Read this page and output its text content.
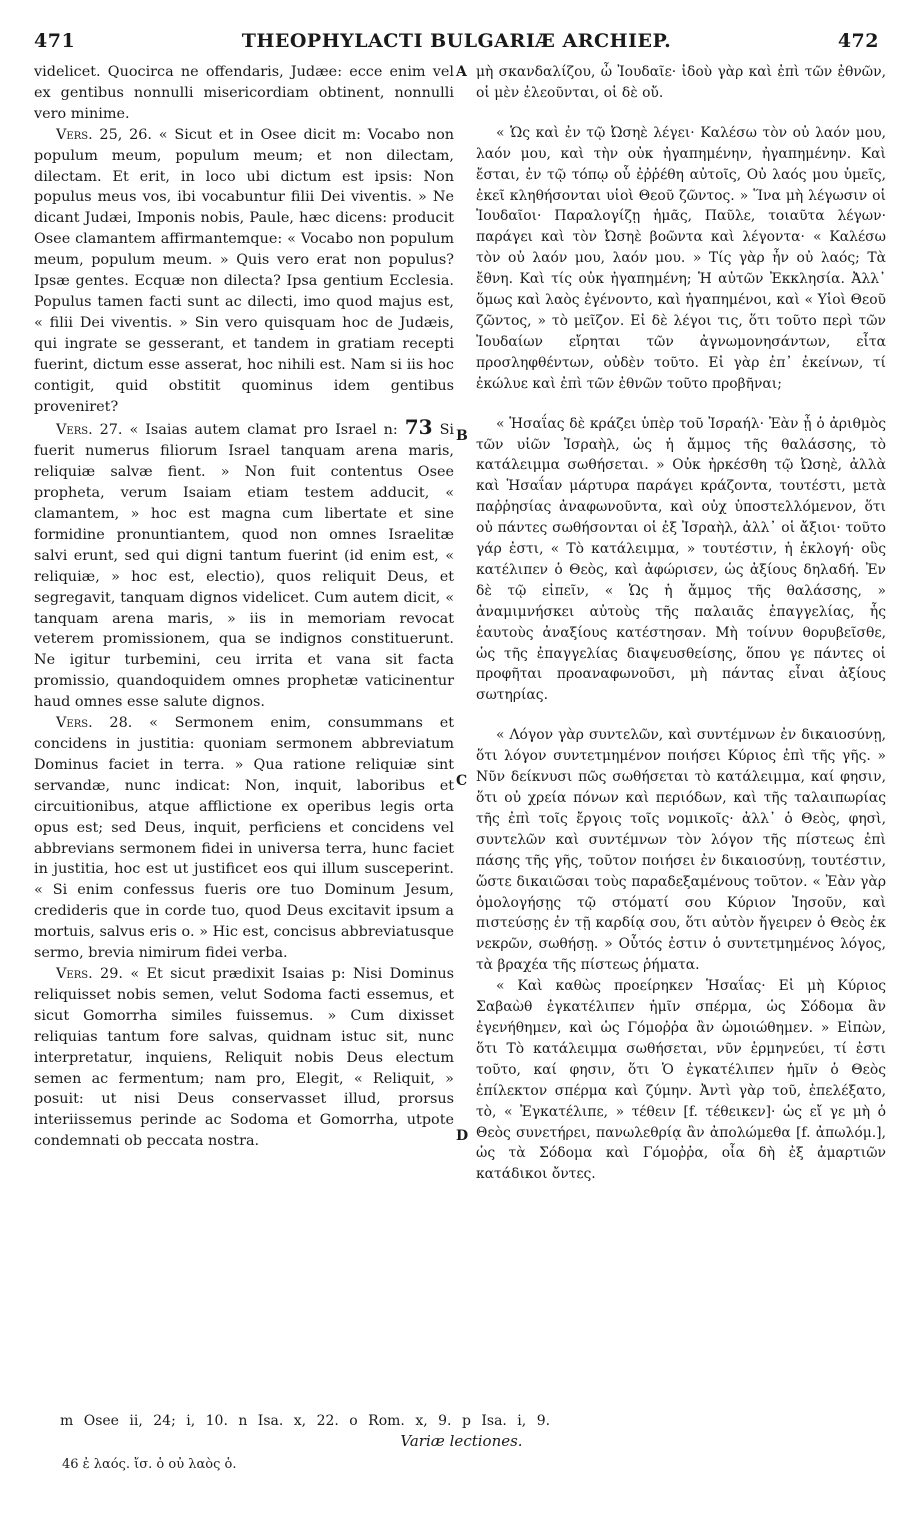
471	THEOPHYLACTI BULGARIÆ ARCHIEP.	472

videlicet. Quocirca ne offendaris, Judæe: ecce enim vel ex gentibus nonnulli misericordiam obtinent, nonnulli vero minime.

Vers. 25, 26. « Sicut et in Osee dicit m: Vocabo non populum meum, populum meum; et non dilectam, dilectam. Et erit, in loco ubi dictum est ipsis: Non populus meus vos, ibi vocabuntur filii Dei viventis. » Ne dicant Judæi, Imponis nobis, Paule, hæc dicens: producit Osee clamantem affirmantemque: « Vocabo non populum meum, populum meum. » Quis vero erat non populus? Ipsæ gentes. Ecquæ non dilecta? Ipsa gentium Ecclesia. Populus tamen facti sunt ac dilecti, imo quod majus est, « filii Dei viventis. » Sin vero quisquam hoc de Judæis, qui ingrate se gesserant, et tandem in gratiam recepti fuerint, dictum esse asserat, hoc nihili est. Nam si iis hoc contigit, quid obstitit quominus idem gentibus proveniret?

Vers. 27. « Isaias autem clamat pro Israel n: 73 Si fuerit numerus filiorum Israel tanquam arena maris, reliquiæ salvæ fient. » Non fuit contentus Osee propheta, verum Isaiam etiam testem adducit, « clamantem, » hoc est magna cum libertate et sine formidine pronuntiantem, quod non omnes Israelitæ salvi erunt, sed qui digni tantum fuerint (id enim est, « reliquiæ, » hoc est, electio), quos reliquit Deus, et segregavit, tanquam dignos videlicet. Cum autem dicit, « tanquam arena maris, » iis in memoriam revocat veterem promissionem, qua se indignos constituerunt. Ne igitur turbemini, ceu irrita et vana sit facta promissio, quandoquidem omnes prophetæ vaticinentur haud omnes esse salute dignos.

Vers. 28. « Sermonem enim, consummans et concidens in justitia: quoniam sermonem abbreviatum Dominus faciet in terra. » Qua ratione reliquiæ sint servandæ, nunc indicat: Non, inquit, laboribus et circuitionibus, atque afflictione ex operibus legis orta opus est; sed Deus, inquit, perficiens et concidens vel abbrevians sermonem fidei in universa terra, hunc faciet in justitia, hoc est ut justificet eos qui illum susceperint. « Si enim confessus fueris ore tuo Dominum Jesum, credideris que in corde tuo, quod Deus excitavit ipsum a mortuis, salvus eris o. » Hic est, concisus abbreviatusque sermo, brevia nimirum fidei verba.

Vers. 29. « Et sicut prædixit Isaias p: Nisi Dominus reliquisset nobis semen, velut Sodoma facti essemus, et sicut Gomorrha similes fuissemus. » Cum dixisset reliquias tantum fore salvas, quidnam istuc sit, nunc interpretatur, inquiens, Reliquit nobis Deus electum semen ac fermentum; nam pro, Elegit, « Reliquit, » posuit: ut nisi Deus conservasset illud, prorsus interiissemus perinde ac Sodoma et Gomorrha, utpote condemnati ob peccata nostra.

A
B
C
D

μὴ σκανδαλίζου, ὦ Ἰουδαῖε· ἰδοὺ γὰρ καὶ ἐπὶ τῶν ἐθνῶν, οἱ μὲν ἐλεοῦνται, οἱ δὲ οὔ.

« Ὡς καὶ ἐν τῷ Ὠσηὲ λέγει· Καλέσω τὸν οὐ λαόν μου, λαόν μου, καὶ τὴν οὐκ ἠγαπημένην, ἠγαπημένην. Καὶ ἔσται, ἐν τῷ τόπῳ οὗ ἐῤῥέθη αὐτοῖς, Οὐ λαός μου ὑμεῖς, ἐκεῖ κληθήσονται υἱοὶ Θεοῦ ζῶντος. » Ἵνα μὴ λέγωσιν οἱ Ἰουδαῖοι· Παραλογίζῃ ἡμᾶς, Παῦλε, τοιαῦτα λέγων· παράγει καὶ τὸν Ὠσηὲ βοῶντα καὶ λέγοντα· « Καλέσω τὸν οὐ λαόν μου, λαόν μου. » Τίς γὰρ ἦν οὐ λαός; Τὰ ἔθνη. Καὶ τίς οὐκ ἠγαπημένη; Ἡ αὐτῶν Ἐκκλησία. Ἀλλ᾽ ὅμως καὶ λαὸς ἐγένοντο, καὶ ἠγαπημένοι, καὶ « Υἱοὶ Θεοῦ ζῶντος, » τὸ μεῖζον. Εἰ δὲ λέγοι τις, ὅτι τοῦτο περὶ τῶν Ἰουδαίων εἴρηται τῶν ἀγνωμονησάντων, εἶτα προσληφθέντων, οὐδὲν τοῦτο. Εἰ γὰρ ἐπ᾽ ἐκείνων, τί ἐκώλυε καὶ ἐπὶ τῶν ἐθνῶν τοῦτο προβῆναι;

« Ἡσαΐας δὲ κράζει ὑπὲρ τοῦ Ἰσραήλ· Ἐὰν ᾖ ὁ ἀριθμὸς τῶν υἱῶν Ἰσραὴλ, ὡς ἡ ἄμμος τῆς θαλάσσης, τὸ κατάλειμμα σωθήσεται. » Οὐκ ἠρκέσθη τῷ Ὠσηὲ, ἀλλὰ καὶ Ἡσαΐαν μάρτυρα παράγει κράζοντα, τουτέστι, μετὰ παῤῥησίας ἀναφωνοῦντα, καὶ οὐχ ὑποστελλόμενον, ὅτι οὐ πάντες σωθήσονται οἱ ἐξ Ἰσραὴλ, ἀλλ᾽ οἱ ἄξιοι· τοῦτο γάρ ἐστι, « Τὸ κατάλειμμα, » τουτέστιν, ἡ ἐκλογή· οὓς κατέλιπεν ὁ Θεὸς, καὶ ἀφώρισεν, ὡς ἀξίους δηλαδή. Ἐν δὲ τῷ εἰπεῖν, « Ὡς ἡ ἄμμος τῆς θαλάσσης, » ἀναμιμνήσκει αὐτοὺς τῆς παλαιᾶς ἐπαγγελίας, ἧς ἑαυτοὺς ἀναξίους κατέστησαν. Μὴ τοίνυν θορυβεῖσθε, ὡς τῆς ἐπαγγελίας διαψευσθείσης, ὅπου γε πάντες οἱ προφῆται προαναφωνοῦσι, μὴ πάντας εἶναι ἀξίους σωτηρίας.

« Λόγον γὰρ συντελῶν, καὶ συντέμνων ἐν δικαιοσύνῃ, ὅτι λόγον συντετμημένον ποιήσει Κύριος ἐπὶ τῆς γῆς. » Νῦν δείκνυσι πῶς σωθήσεται τὸ κατάλειμμα, καί φησιν, ὅτι οὐ χρεία πόνων καὶ περιόδων, καὶ τῆς ταλαιπωρίας τῆς ἐπὶ τοῖς ἔργοις τοῖς νομικοῖς· ἀλλ᾽ ὁ Θεὸς, φησὶ, συντελῶν καὶ συντέμνων τὸν λόγον τῆς πίστεως ἐπὶ πάσης τῆς γῆς, τοῦτον ποιήσει ἐν δικαιοσύνῃ, τουτέστιν, ὥστε δικαιῶσαι τοὺς παραδεξαμένους τοῦτον. « Ἐὰν γὰρ ὁμολογήσῃς τῷ στόματί σου Κύριον Ἰησοῦν, καὶ πιστεύσῃς ἐν τῇ καρδίᾳ σου, ὅτι αὐτὸν ἤγειρεν ὁ Θεὸς ἐκ νεκρῶν, σωθήσῃ. » Οὗτός ἐστιν ὁ συντετμημένος λόγος, τὰ βραχέα τῆς πίστεως ῥήματα.

« Καὶ καθὼς προείρηκεν Ἡσαΐας· Εἰ μὴ Κύριος Σαβαὼθ ἐγκατέλιπεν ἡμῖν σπέρμα, ὡς Σόδομα ἂν ἐγενήθημεν, καὶ ὡς Γόμοῤῥα ἂν ὡμοιώθημεν. » Εἰπὼν, ὅτι Τὸ κατάλειμμα σωθήσεται, νῦν ἑρμηνεύει, τί ἐστι τοῦτο, καί φησιν, ὅτι Ὁ ἐγκατέλιπεν ἡμῖν ὁ Θεὸς ἐπίλεκτον σπέρμα καὶ ζύμην. Ἀντὶ γὰρ τοῦ, ἐπελέξατο, τὸ, « Ἐγκατέλιπε, » τέθειν [f. τέθεικεν]· ὡς εἴ γε μὴ ὁ Θεὸς συνετήρει, πανωλεθρίᾳ ἂν ἀπολώμεθα [f. ἀπωλόμ.], ὡς τὰ Σόδομα καὶ Γόμοῤῥα, οἷα δὴ ἐξ ἁμαρτιῶν κατάδικοι ὄντες.

m Osee ii, 24; i, 10. n Isa. x, 22. o Rom. x, 9. p Isa. i, 9.
Variæ lectiones.
46 ἐ λαός. ἴσ. ὁ οὐ λαὸς ὁ.
